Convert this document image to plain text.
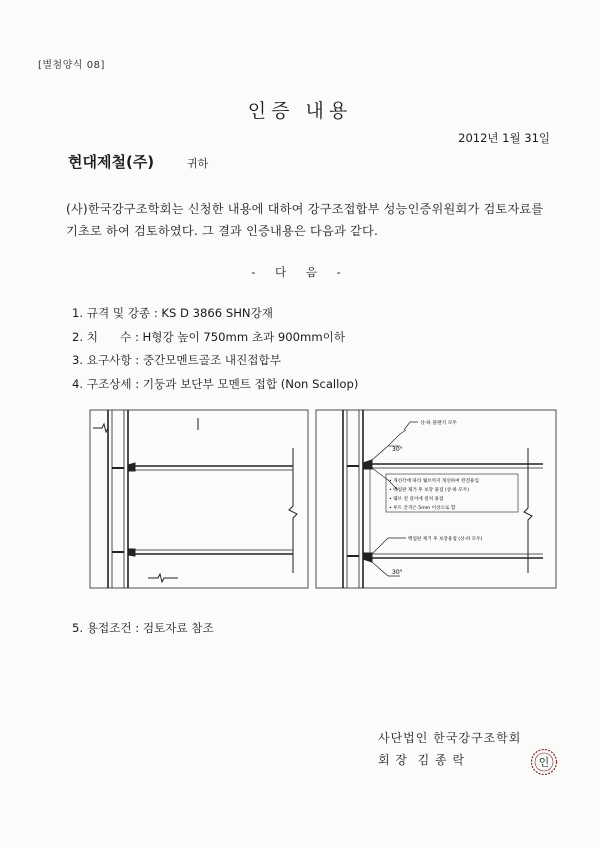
[별첨양식 08]
인증 내용
2012년 1월 31일
현대제철(주)	귀하
(사)한국강구조학회는 신청한 내용에 대하여 강구조접합부 성능인증위원회가 검토자료를
기초로 하여 검토하였다. 그 결과 인증내용은 다음과 같다.
- 다 음 -
1. 규격 및 강종 : KS D 3866 SHN강재
2. 치      수 : H형강 높이 750mm 초과 900mm이하
3. 요구사항 : 중간모멘트골조 내진접합부
4. 구조상세 : 기둥과 보단부 모멘트 접합 (Non Scallop)
30°
30°
상·하 플랜지 모두
• 개선각에 따라 웨브까지 개선하여 완전용입
• 백업판 제거 후 보강 용접 (상·하 모두)
• 웨브 전 길이에 걸쳐 용접
• 루트 간격은 5mm 이상으로 함
백업판 제거 후 보강용접 (상·하 모두)
5. 용접조건 : 검토자료 참조
사단법인 한국강구조학회
회 장 김 종 락	인
